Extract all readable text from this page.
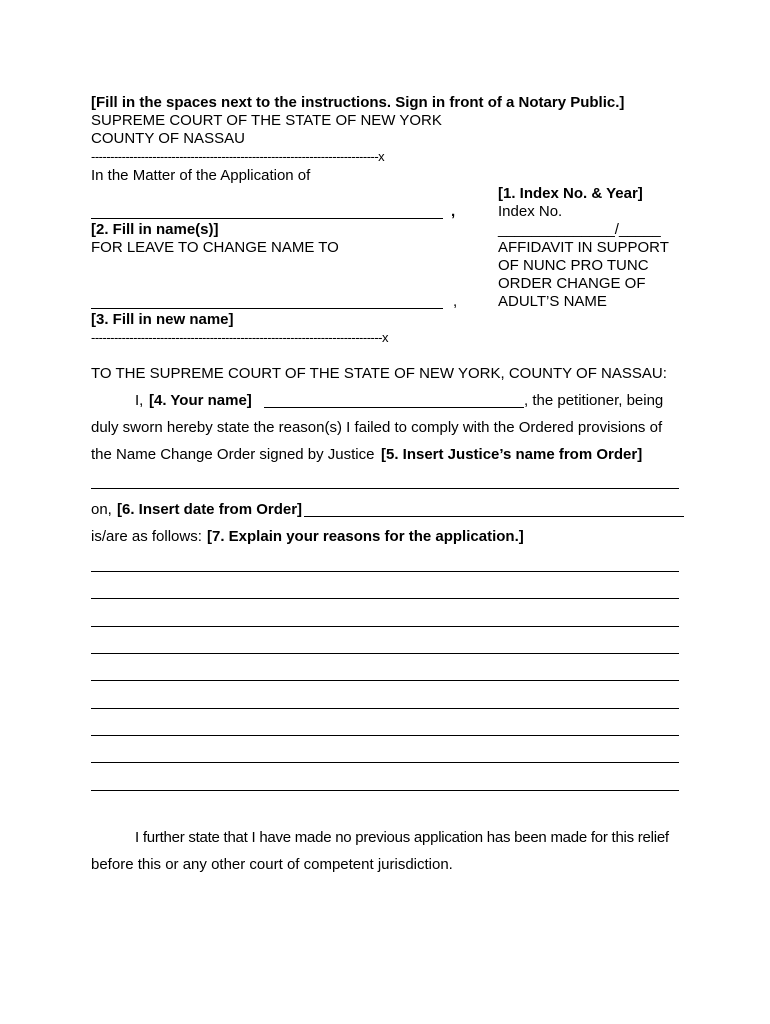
[Fill in the spaces next to the instructions. Sign in front of a Notary Public.]
SUPREME COURT OF THE STATE OF NEW YORK
COUNTY OF NASSAU
---------------------------------------------------------------------------x
In the Matter of the Application of
,
[2. Fill in name(s)]
FOR LEAVE TO CHANGE NAME TO
,
[3. Fill in new name]
----------------------------------------------------------------------------x
[1. Index No. & Year]
Index No.
______________/_____
AFFIDAVIT IN SUPPORT
OF NUNC PRO TUNC
ORDER CHANGE OF
ADULT’S NAME
TO THE SUPREME COURT OF THE STATE OF NEW YORK, COUNTY OF NASSAU:
I, [4. Your name]	, the petitioner, being
duly sworn hereby state the reason(s) I failed to comply with the Ordered provisions of
the Name Change Order signed by Justice [5. Insert Justice’s name from Order]
on, [6. Insert date from Order]
is/are as follows: [7. Explain your reasons for the application.]
I further state that I have made no previous application has been made for this relief
before this or any other court of competent jurisdiction.
